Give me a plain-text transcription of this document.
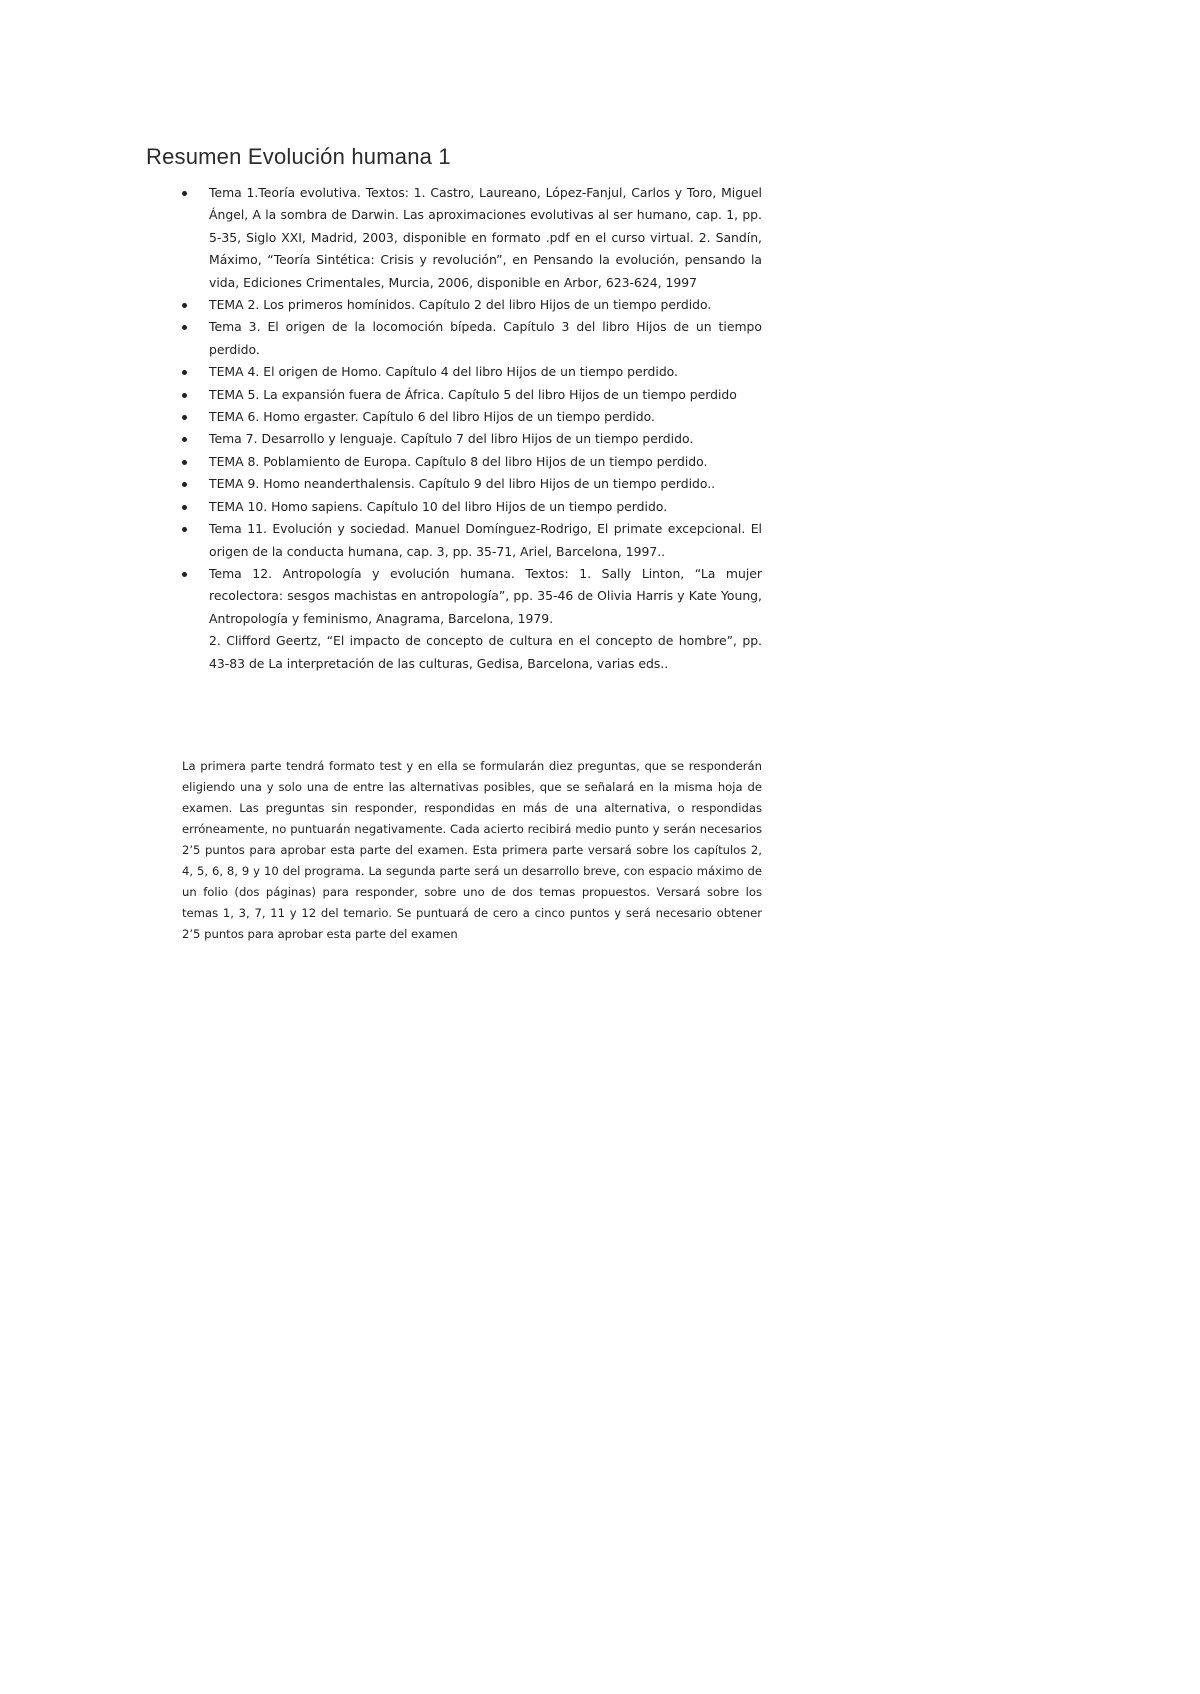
Resumen Evolución humana 1
Tema 1.Teoría evolutiva. Textos: 1. Castro, Laureano, López-Fanjul, Carlos y Toro, Miguel Ángel, A la sombra de Darwin. Las aproximaciones evolutivas al ser humano, cap. 1, pp. 5-35, Siglo XXI, Madrid, 2003, disponible en formato .pdf en el curso virtual. 2. Sandín, Máximo, “Teoría Sintética: Crisis y revolución”, en Pensando la evolución, pensando la vida, Ediciones Crimentales, Murcia, 2006, disponible en Arbor, 623-624, 1997
TEMA 2. Los primeros homínidos. Capítulo 2 del libro Hijos de un tiempo perdido.
Tema 3. El origen de la locomoción bípeda. Capítulo 3 del libro Hijos de un tiempo perdido.
TEMA 4. El origen de Homo. Capítulo 4 del libro Hijos de un tiempo perdido.
TEMA 5. La expansión fuera de África. Capítulo 5 del libro Hijos de un tiempo perdido
TEMA 6. Homo ergaster. Capítulo 6 del libro Hijos de un tiempo perdido.
Tema 7. Desarrollo y lenguaje. Capítulo 7 del libro Hijos de un tiempo perdido.
TEMA 8. Poblamiento de Europa. Capítulo 8 del libro Hijos de un tiempo perdido.
TEMA 9. Homo neanderthalensis. Capítulo 9 del libro Hijos de un tiempo perdido..
TEMA 10. Homo sapiens. Capítulo 10 del libro Hijos de un tiempo perdido.
Tema 11. Evolución y sociedad. Manuel Domínguez-Rodrigo, El primate excepcional. El origen de la conducta humana, cap. 3, pp. 35-71, Ariel, Barcelona, 1997..
Tema 12. Antropología y evolución humana. Textos: 1. Sally Linton, “La mujer recolectora: sesgos machistas en antropología”, pp. 35-46 de Olivia Harris y Kate Young, Antropología y feminismo, Anagrama, Barcelona, 1979.
2. Clifford Geertz, “El impacto de concepto de cultura en el concepto de hombre”, pp. 43-83 de La interpretación de las culturas, Gedisa, Barcelona, varias eds..

La primera parte tendrá formato test y en ella se formularán diez preguntas, que se responderán eligiendo una y solo una de entre las alternativas posibles, que se señalará en la misma hoja de examen. Las preguntas sin responder, respondidas en más de una alternativa, o respondidas erróneamente, no puntuarán negativamente. Cada acierto recibirá medio punto y serán necesarios 2’5 puntos para aprobar esta parte del examen. Esta primera parte versará sobre los capítulos 2, 4, 5, 6, 8, 9 y 10 del programa. La segunda parte será un desarrollo breve, con espacio máximo de un folio (dos páginas) para responder, sobre uno de dos temas propuestos. Versará sobre los temas 1, 3, 7, 11 y 12 del temario. Se puntuará de cero a cinco puntos y será necesario obtener 2’5 puntos para aprobar esta parte del examen
